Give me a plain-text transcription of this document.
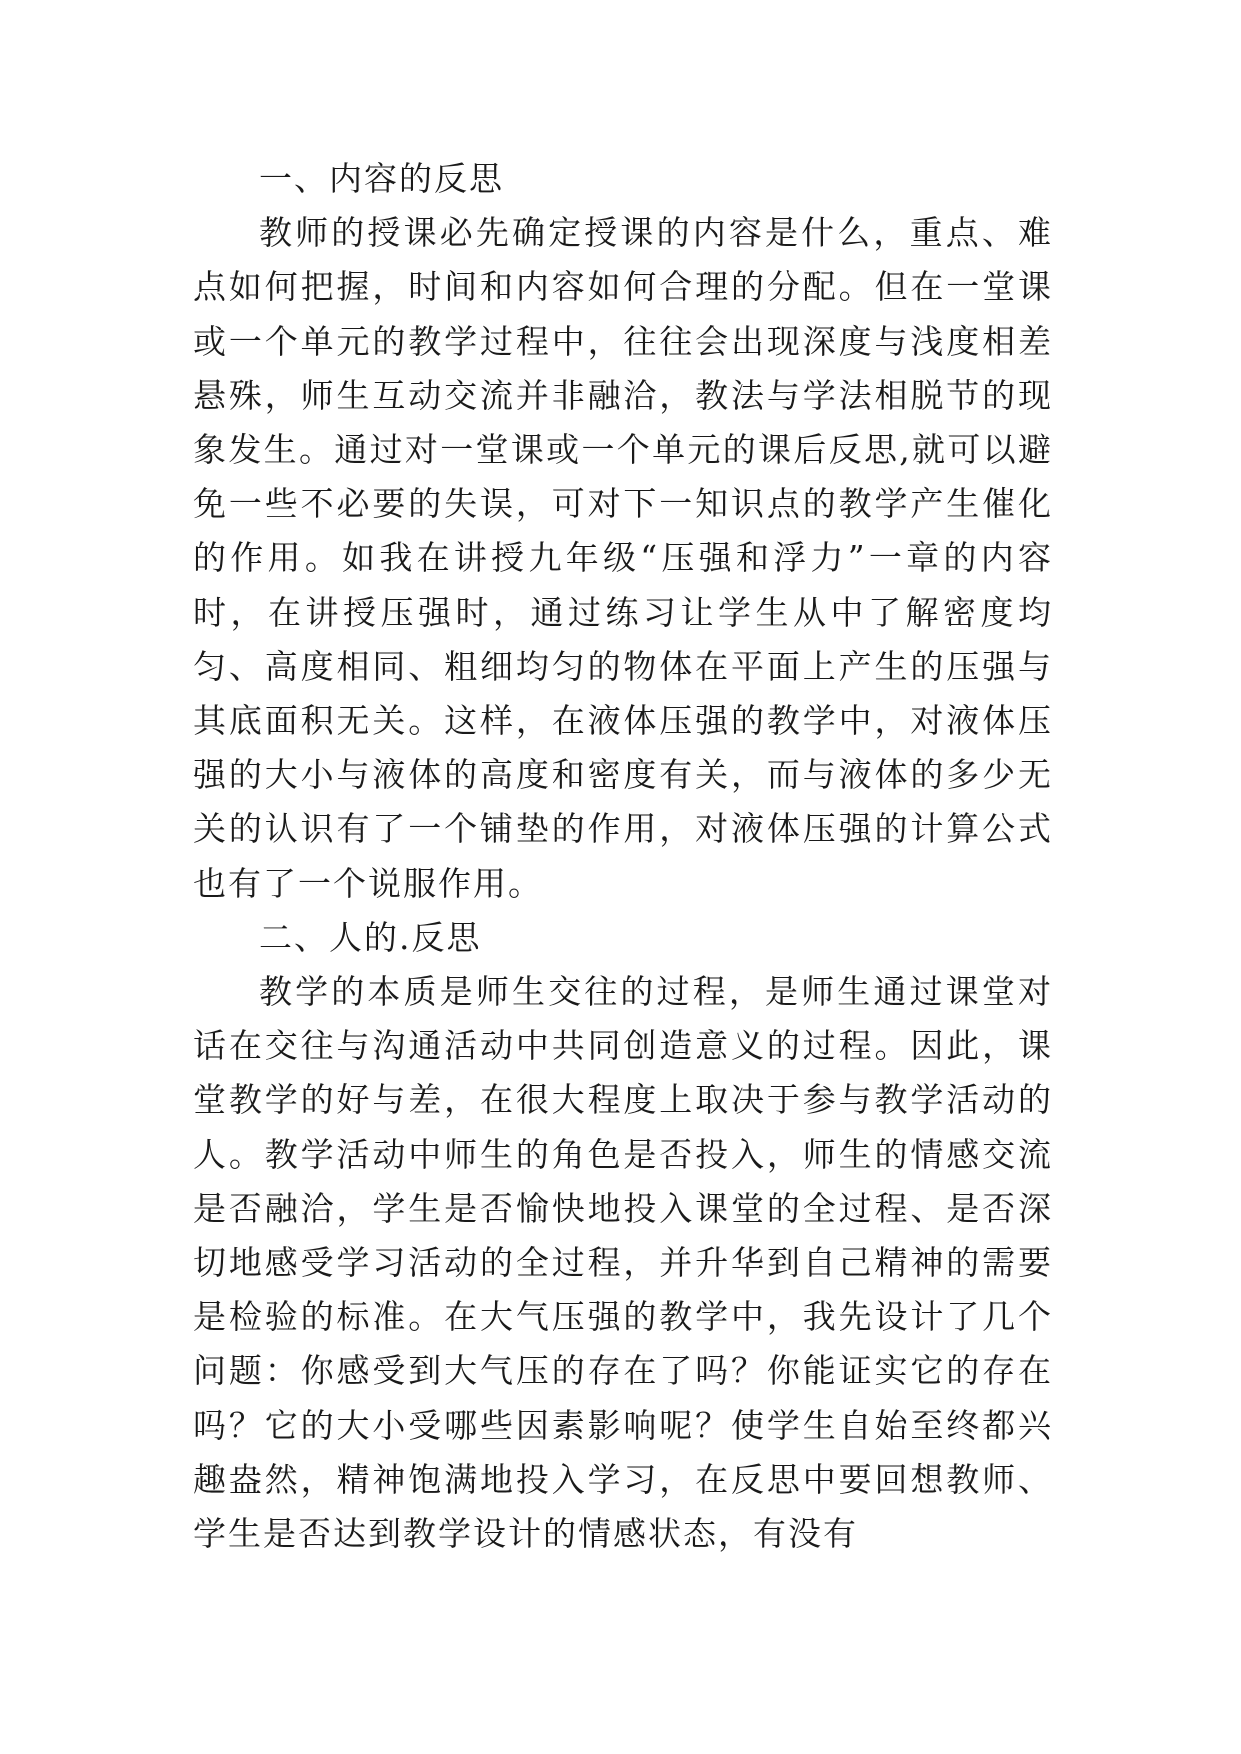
一、内容的反思

教师的授课必先确定授课的内容是什么，重点、难点如何把握，时间和内容如何合理的分配。但在一堂课或一个单元的教学过程中，往往会出现深度与浅度相差悬殊，师生互动交流并非融洽，教法与学法相脱节的现象发生。通过对一堂课或一个单元的课后反思,就可以避免一些不必要的失误，可对下一知识点的教学产生催化的作用。如我在讲授九年级“压强和浮力”一章的内容时，在讲授压强时，通过练习让学生从中了解密度均匀、高度相同、粗细均匀的物体在平面上产生的压强与其底面积无关。这样，在液体压强的教学中，对液体压强的大小与液体的高度和密度有关，而与液体的多少无关的认识有了一个铺垫的作用，对液体压强的计算公式也有了一个说服作用。

二、人的.反思

教学的本质是师生交往的过程，是师生通过课堂对话在交往与沟通活动中共同创造意义的过程。因此，课堂教学的好与差，在很大程度上取决于参与教学活动的人。教学活动中师生的角色是否投入，师生的情感交流是否融洽，学生是否愉快地投入课堂的全过程、是否深切地感受学习活动的全过程，并升华到自己精神的需要是检验的标准。在大气压强的教学中，我先设计了几个问题：你感受到大气压的存在了吗？你能证实它的存在吗？它的大小受哪些因素影响呢？使学生自始至终都兴趣盎然，精神饱满地投入学习，在反思中要回想教师、学生是否达到教学设计的情感状态，有没有
